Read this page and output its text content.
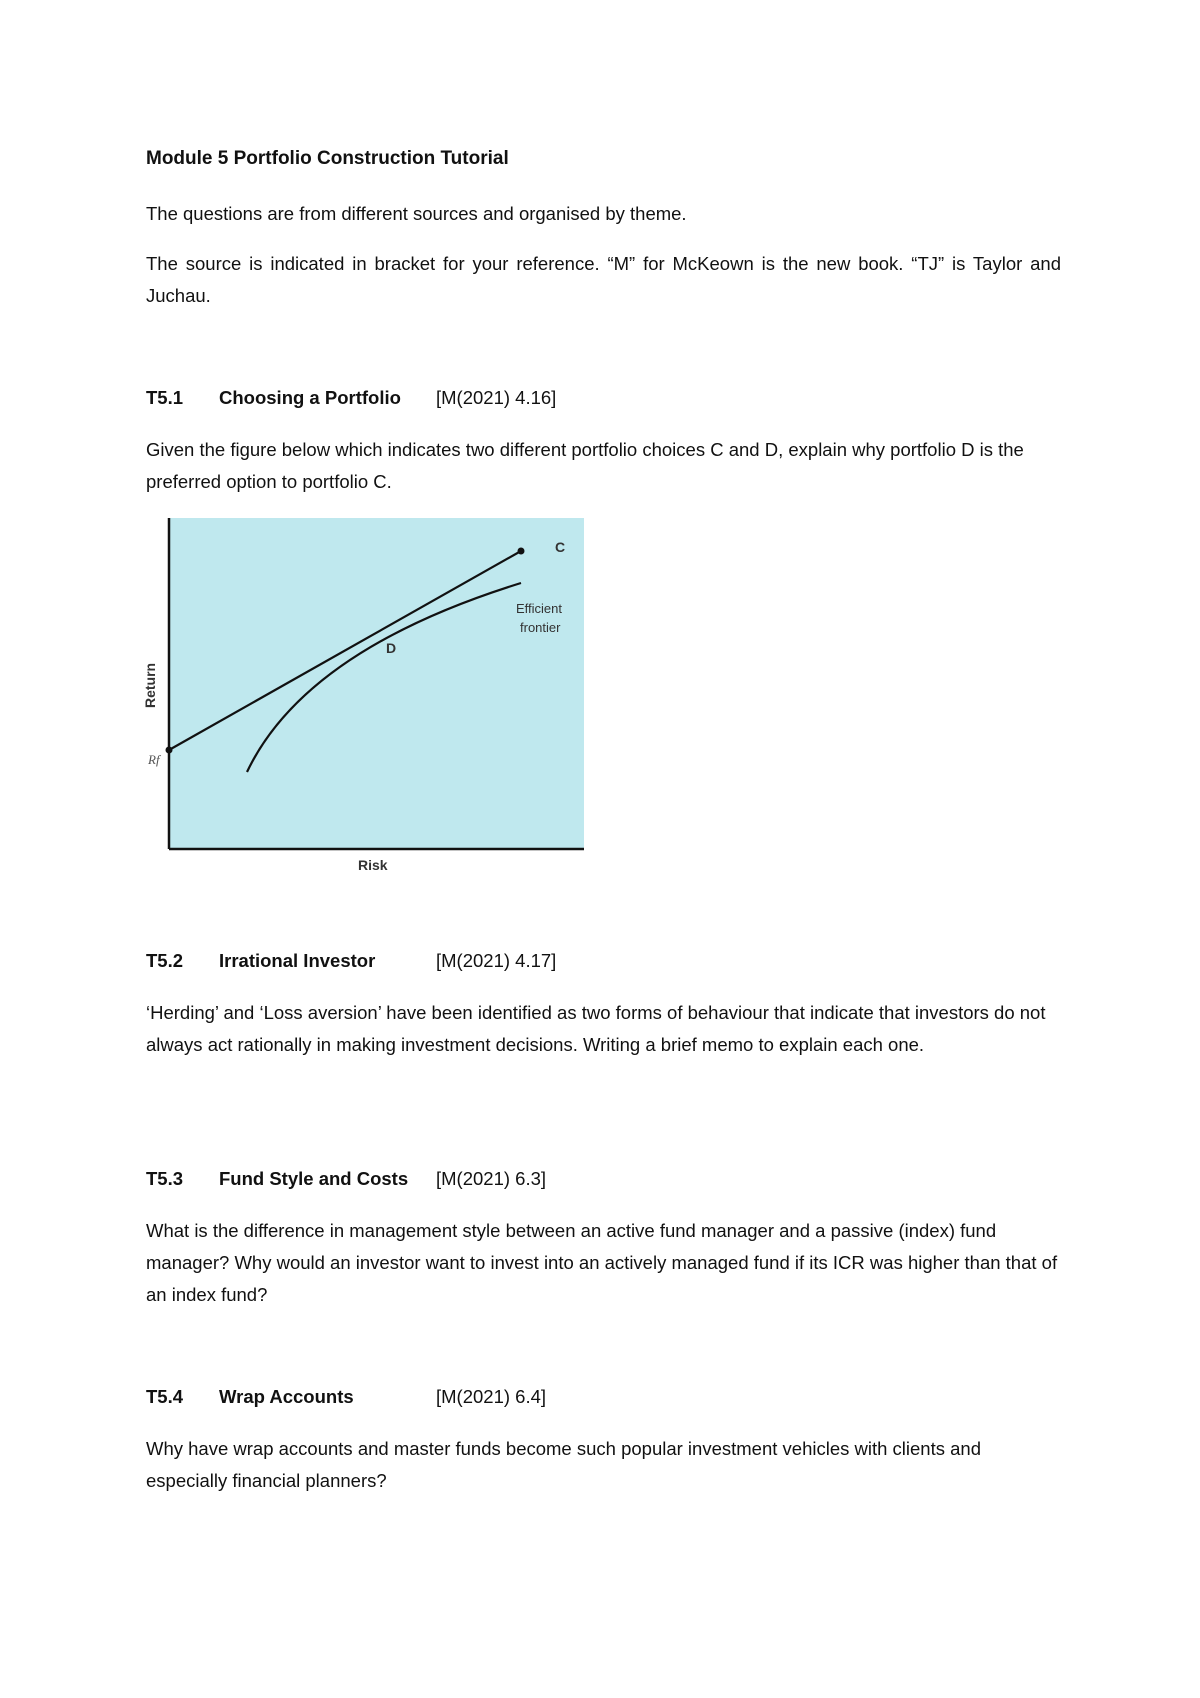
Module 5 Portfolio Construction Tutorial

The questions are from different sources and organised by theme.

The source is indicated in bracket for your reference. “M” for McKeown is the new book. “TJ” is Taylor and Juchau.

T5.1 Choosing a Portfolio [M(2021) 4.16]

Given the figure below which indicates two different portfolio choices C and D, explain why portfolio D is the preferred option to portfolio C.

C
D
Efficient
frontier
Rf
Risk
Return
T5.2 Irrational Investor	[M(2021) 4.17]

‘Herding’ and ‘Loss aversion’ have been identified as two forms of behaviour that indicate that investors do not always act rationally in making investment decisions. Writing a brief memo to explain each one.

T5.3 Fund Style and Costs [M(2021) 6.3]

What is the difference in management style between an active fund manager and a passive (index) fund manager? Why would an investor want to invest into an actively managed fund if its ICR was higher than that of an index fund?

T5.4 Wrap Accounts	[M(2021) 6.4]

Why have wrap accounts and master funds become such popular investment vehicles with clients and especially financial planners?
